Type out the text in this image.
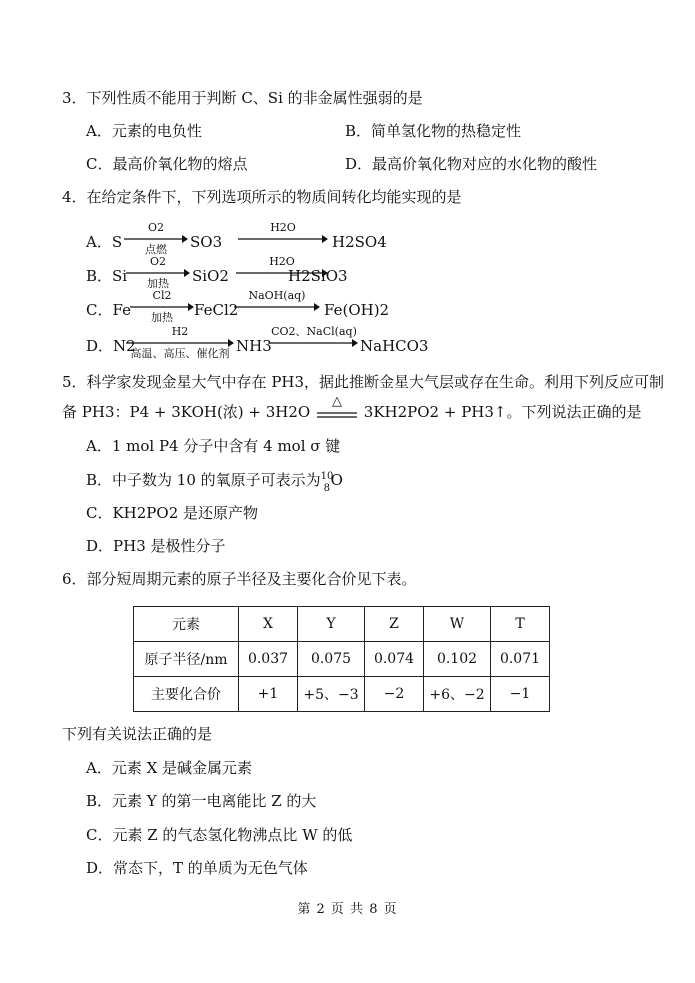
3．下列性质不能用于判断 C、Si 的非金属性强弱的是
A．元素的电负性	B．简单氢化物的热稳定性
C．最高价氧化物的熔点	D．最高价氧化物对应的水化物的酸性
4．在给定条件下，下列选项所示的物质间转化均能实现的是
A．S
O2
点燃	SO3
H2O
H2SO4
B．Si
O2
加热	SiO2
H2O
H2SiO3
C．Fe
Cl2
加热	FeCl2
NaOH(aq)
Fe(OH)2
D．N2
H2
高温、高压、催化剂 NH3
CO2、NaCl(aq)
NaHCO3
5．科学家发现金星大气中存在 PH3，据此推断金星大气层或存在生命。利用下列反应可制
备 PH3：P4 + 3KOH(浓) + 3H2O
△
3KH2PO2 + PH3↑。下列说法正确的是
A．1 mol P4 分子中含有 4 mol σ 键
B．中子数为 10 的氧原子可表示为 10
8 O
C．KH2PO2 是还原产物
D．PH3 是极性分子
6．部分短周期元素的原子半径及主要化合价见下表。
元素	X	Y	Z	W	T
原子半径/nm	0.037	0.075	0.074	0.102	0.071
主要化合价	+1	+5、−3	−2	+6、−2	−1
下列有关说法正确的是
A．元素 X 是碱金属元素
B．元素 Y 的第一电离能比 Z 的大
C．元素 Z 的气态氢化物沸点比 W 的低
D．常态下，T 的单质为无色气体
第 2 页 共 8 页
